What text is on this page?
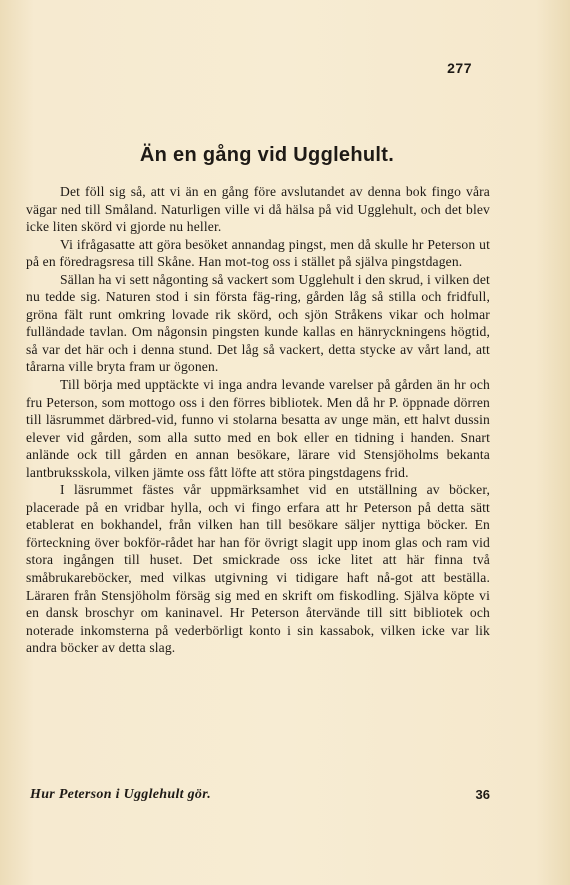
277
Än en gång vid Ugglehult.

Det föll sig så, att vi än en gång före avslutandet av denna bok fingo våra vägar ned till Småland. Naturligen ville vi då hälsa på vid Ugglehult, och det blev icke liten skörd vi gjorde nu heller.

Vi ifrågasatte att göra besöket annandag pingst, men då skulle hr Peterson ut på en föredragsresa till Skåne. Han mot-tog oss i stället på själva pingstdagen.

Sällan ha vi sett någonting så vackert som Ugglehult i den skrud, i vilken det nu tedde sig. Naturen stod i sin första fäg-ring, gården låg så stilla och fridfull, gröna fält runt omkring lovade rik skörd, och sjön Stråkens vikar och holmar fulländade tavlan. Om någonsin pingsten kunde kallas en hänryckningens högtid, så var det här och i denna stund. Det låg så vackert, detta stycke av vårt land, att tårarna ville bryta fram ur ögonen.

Till börja med upptäckte vi inga andra levande varelser på gården än hr och fru Peterson, som mottogo oss i den förres bibliotek. Men då hr P. öppnade dörren till läsrummet därbred-vid, funno vi stolarna besatta av unge män, ett halvt dussin elever vid gården, som alla sutto med en bok eller en tidning i handen. Snart anlände ock till gården en annan besökare, lärare vid Stensjöholms bekanta lantbruksskola, vilken jämte oss fått löfte att störa pingstdagens frid.

I läsrummet fästes vår uppmärksamhet vid en utställning av böcker, placerade på en vridbar hylla, och vi fingo erfara att hr Peterson på detta sätt etablerat en bokhandel, från vilken han till besökare säljer nyttiga böcker. En förteckning över bokför-rådet har han för övrigt slagit upp inom glas och ram vid stora ingången till huset. Det smickrade oss icke litet att här finna två småbrukareböcker, med vilkas utgivning vi tidigare haft nå-got att beställa. Läraren från Stensjöholm försäg sig med en skrift om fiskodling. Själva köpte vi en dansk broschyr om kaninavel. Hr Peterson återvände till sitt bibliotek och noterade inkomsterna på vederbörligt konto i sin kassabok, vilken icke var lik andra böcker av detta slag.

Hur Peterson i Ugglehult gör.	36
